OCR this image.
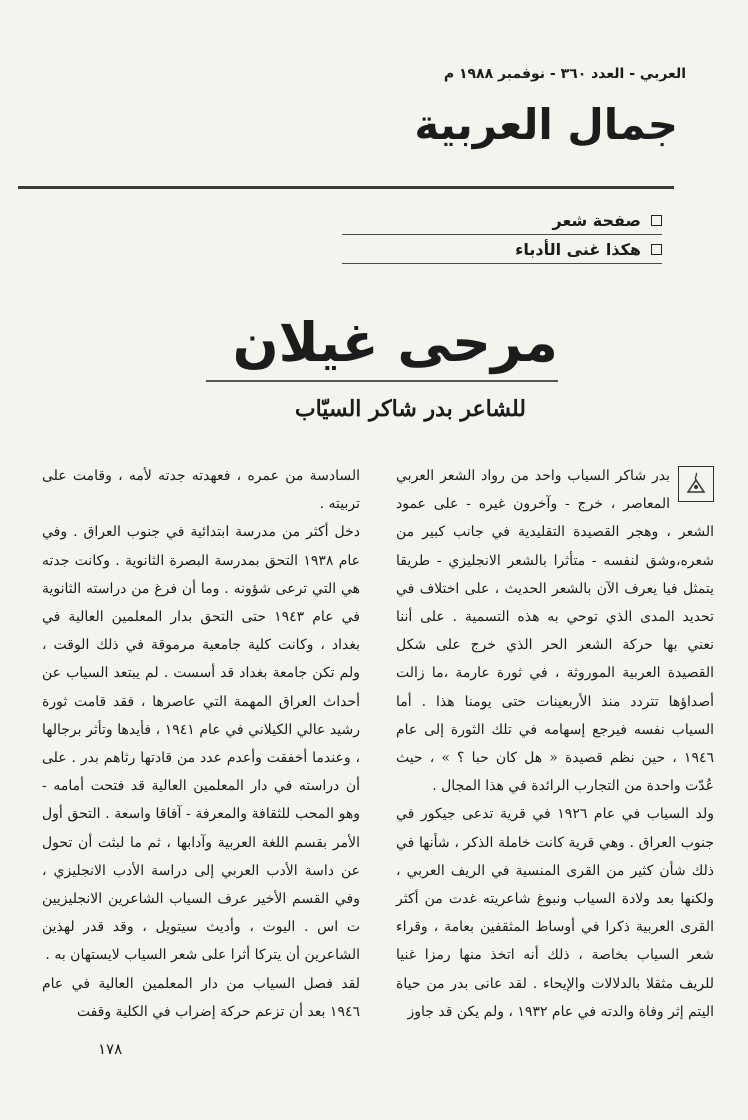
العربي - العدد ٣٦٠ - نوفمبر ١٩٨٨ م
جمال العربية
صفحة شعر
هكذا غنى الأدباء
مرحى غيلان
للشاعر بدر شاكر السيّاب

بدر شاكر السياب واحد من رواد الشعر العربي المعاصر ، خرج - وآخرون غيره - على عمود الشعر ، وهجر القصيدة التقليدية في جانب كبير من شعره،وشق لنفسه - متأثرا بالشعر الانجليزي - طريقا يتمثل فيا يعرف الآن بالشعر الحديث ، على اختلاف في تحديد المدى الذي توحي به هذه التسمية . على أننا نعني بها حركة الشعر الحر الذي خرج على شكل القصيدة العربية الموروثة ، في ثورة عارمة ،ما زالت أصداؤها تتردد منذ الأربعينات حتى يومنا هذا . أما السياب نفسه فيرجع إسهامه في تلك الثورة إلى عام ١٩٤٦ ، حين نظم قصيدة « هل كان حبا ؟ » ، حيث عُدّت واحدة من التجارب الرائدة في هذا المجال .

ولد السياب في عام ١٩٢٦ في قرية تدعى جيكور في جنوب العراق . وهي قرية كانت خاملة الذكر ، شأنها في ذلك شأن كثير من القرى المنسية في الريف العربي ، ولكنها بعد ولادة السياب ونبوغ شاعريته غدت من أكثر القرى العربية ذكرا في أوساط المثقفين بعامة ، وقراء شعر السياب بخاصة ، ذلك أنه اتخذ منها رمزا غنيا للريف مثقلا بالدلالات والإيحاء . لقد عانى بدر من حياة اليتم إثر وفاة والدته في عام ١٩٣٢ ، ولم يكن قد جاوز

السادسة من عمره ، فعهدته جدته لأمه ، وقامت على تربيته .

دخل أكثر من مدرسة ابتدائية في جنوب العراق . وفي عام ١٩٣٨ التحق بمدرسة البصرة الثانوية . وكانت جدته هي التي ترعى شؤونه . وما أن فرغ من دراسته الثانوية في عام ١٩٤٣ حتى التحق بدار المعلمين العالية في بغداد ، وكانت كلية جامعية مرموقة في ذلك الوقت ، ولم تكن جامعة بغداد قد أسست . لم يبتعد السياب عن أحداث العراق المهمة التي عاصرها ، فقد قامت ثورة رشيد عالي الكيلاني في عام ١٩٤١ ، فأيدها وتأثر برجالها ، وعندما أخفقت وأعدم عدد من قادتها رثاهم بدر . على أن دراسته في دار المعلمين العالية قد فتحت أمامه - وهو المحب للثقافة والمعرفة - آفاقا واسعة . التحق أول الأمر بقسم اللغة العربية وآدابها ، ثم ما لبثت أن تحول عن داسة الأدب العربي إلى دراسة الأدب الانجليزي ، وفي القسم الأخير عرف السياب الشاعرين الانجليزيين ت اس . اليوت ، وأديث سيتويل ، وقد قدر لهذين الشاعرين أن يتركا أثرا على شعر السياب لايستهان به .

لقد فصل السياب من دار المعلمين العالية في عام ١٩٤٦ بعد أن تزعم حركة إضراب في الكلية وقفت

١٧٨
